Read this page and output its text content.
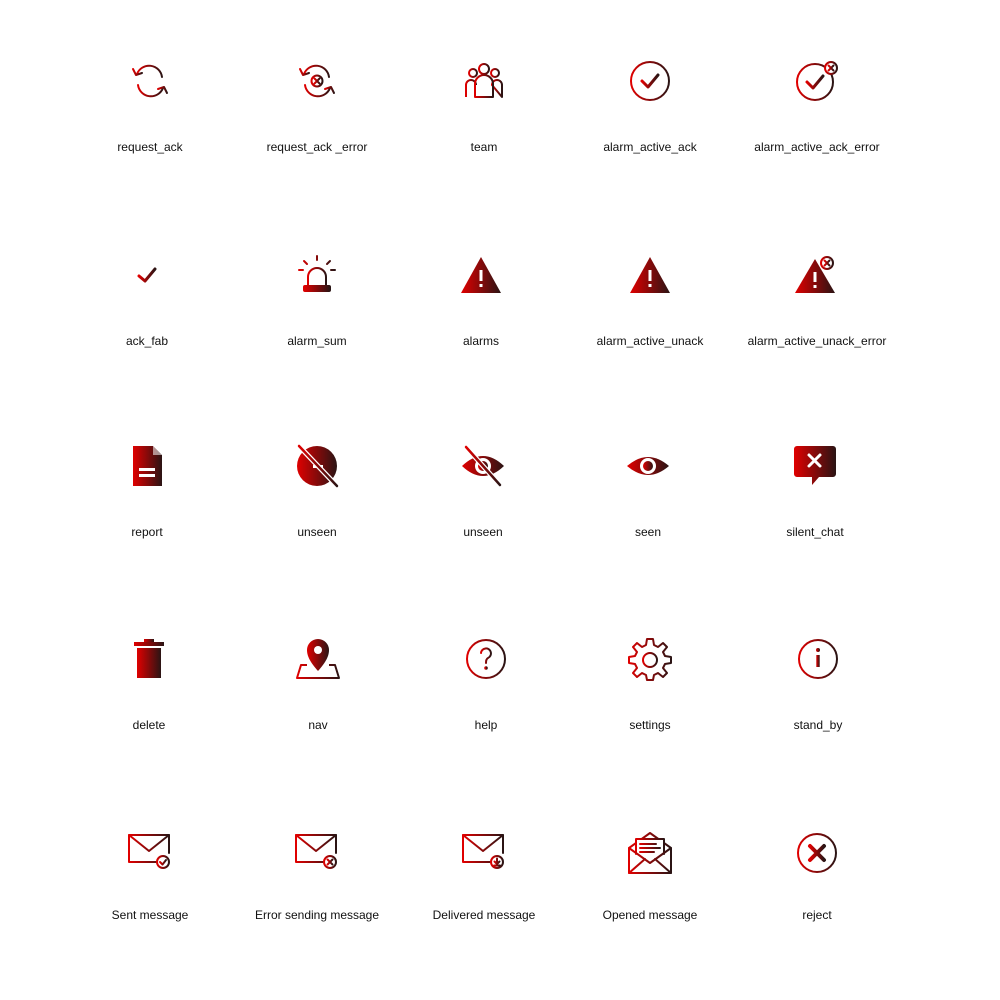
request_ack	request_ack _error	team	alarm_active_ack	alarm_active_ack_error
ack_fab	alarm_sum	alarms	alarm_active_unack	alarm_active_unack_error
report	unseen	unseen	seen	silent_chat
delete	nav	help	settings	stand_by
Sent message	Error sending message	Delivered message	Opened message	reject
